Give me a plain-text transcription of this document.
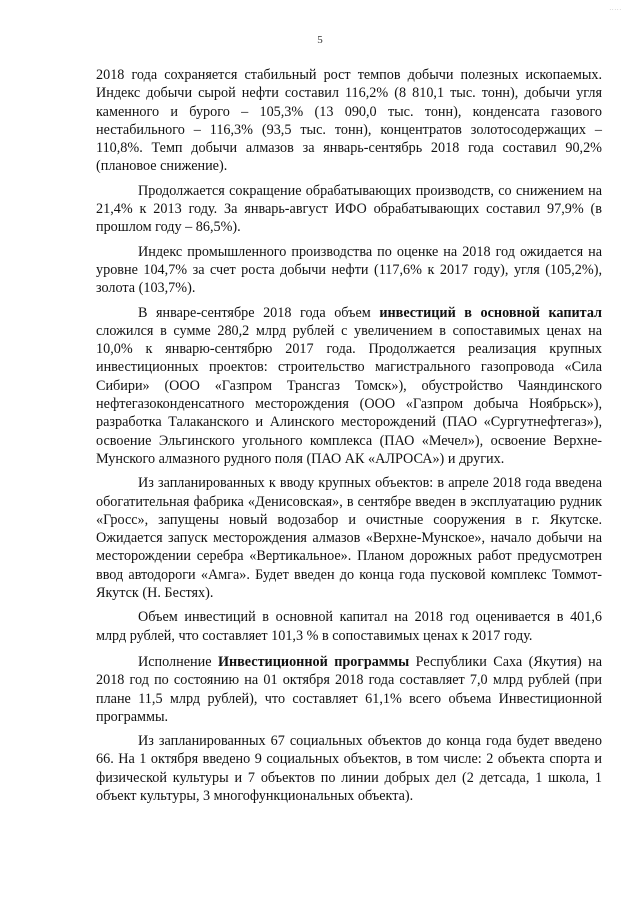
.....
5

2018 года сохраняется стабильный рост темпов добычи полезных ископаемых. Индекс добычи сырой нефти составил 116,2% (8 810,1 тыс. тонн), добычи угля каменного и бурого – 105,3% (13 090,0 тыс. тонн), конденсата газового нестабильного – 116,3% (93,5 тыс. тонн), концентратов золотосодержащих – 110,8%. Темп добычи алмазов за январь-сентябрь 2018 года составил 90,2% (плановое снижение).

Продолжается сокращение обрабатывающих производств, со снижением на 21,4% к 2013 году. За январь-август ИФО обрабатывающих составил 97,9% (в прошлом году – 86,5%).

Индекс промышленного производства по оценке на 2018 год ожидается на уровне 104,7% за счет роста добычи нефти (117,6% к 2017 году), угля (105,2%), золота (103,7%).

В январе-сентябре 2018 года объем инвестиций в основной капитал сложился в сумме 280,2 млрд рублей с увеличением в сопоставимых ценах на 10,0% к январю-сентябрю 2017 года. Продолжается реализация крупных инвестиционных проектов: строительство магистрального газопровода «Сила Сибири» (ООО «Газпром Трансгаз Томск»), обустройство Чаяндинского нефтегазоконденсатного месторождения (ООО «Газпром добыча Ноябрьск»), разработка Талаканского и Алинского месторождений (ПАО «Сургутнефтегаз»), освоение Эльгинского угольного комплекса (ПАО «Мечел»), освоение Верхне-Мунского алмазного рудного поля (ПАО АК «АЛРОСА») и других.

Из запланированных к вводу крупных объектов: в апреле 2018 года введена обогатительная фабрика «Денисовская», в сентябре введен в эксплуатацию рудник «Гросс», запущены новый водозабор и очистные сооружения в г. Якутске. Ожидается запуск месторождения алмазов «Верхне-Мунское», начало добычи на месторождении серебра «Вертикальное». Планом дорожных работ предусмотрен ввод автодороги «Амга». Будет введен до конца года пусковой комплекс Томмот-Якутск (Н. Бестях).

Объем инвестиций в основной капитал на 2018 год оценивается в 401,6 млрд рублей, что составляет 101,3 % в сопоставимых ценах к 2017 году.

Исполнение Инвестиционной программы Республики Саха (Якутия) на 2018 год по состоянию на 01 октября 2018 года составляет 7,0 млрд рублей (при плане 11,5 млрд рублей), что составляет 61,1% всего объема Инвестиционной программы.

Из запланированных 67 социальных объектов до конца года будет введено 66. На 1 октября введено 9 социальных объектов, в том числе: 2 объекта спорта и физической культуры и 7 объектов по линии добрых дел (2 детсада, 1 школа, 1 объект культуры, 3 многофункциональных объекта).
